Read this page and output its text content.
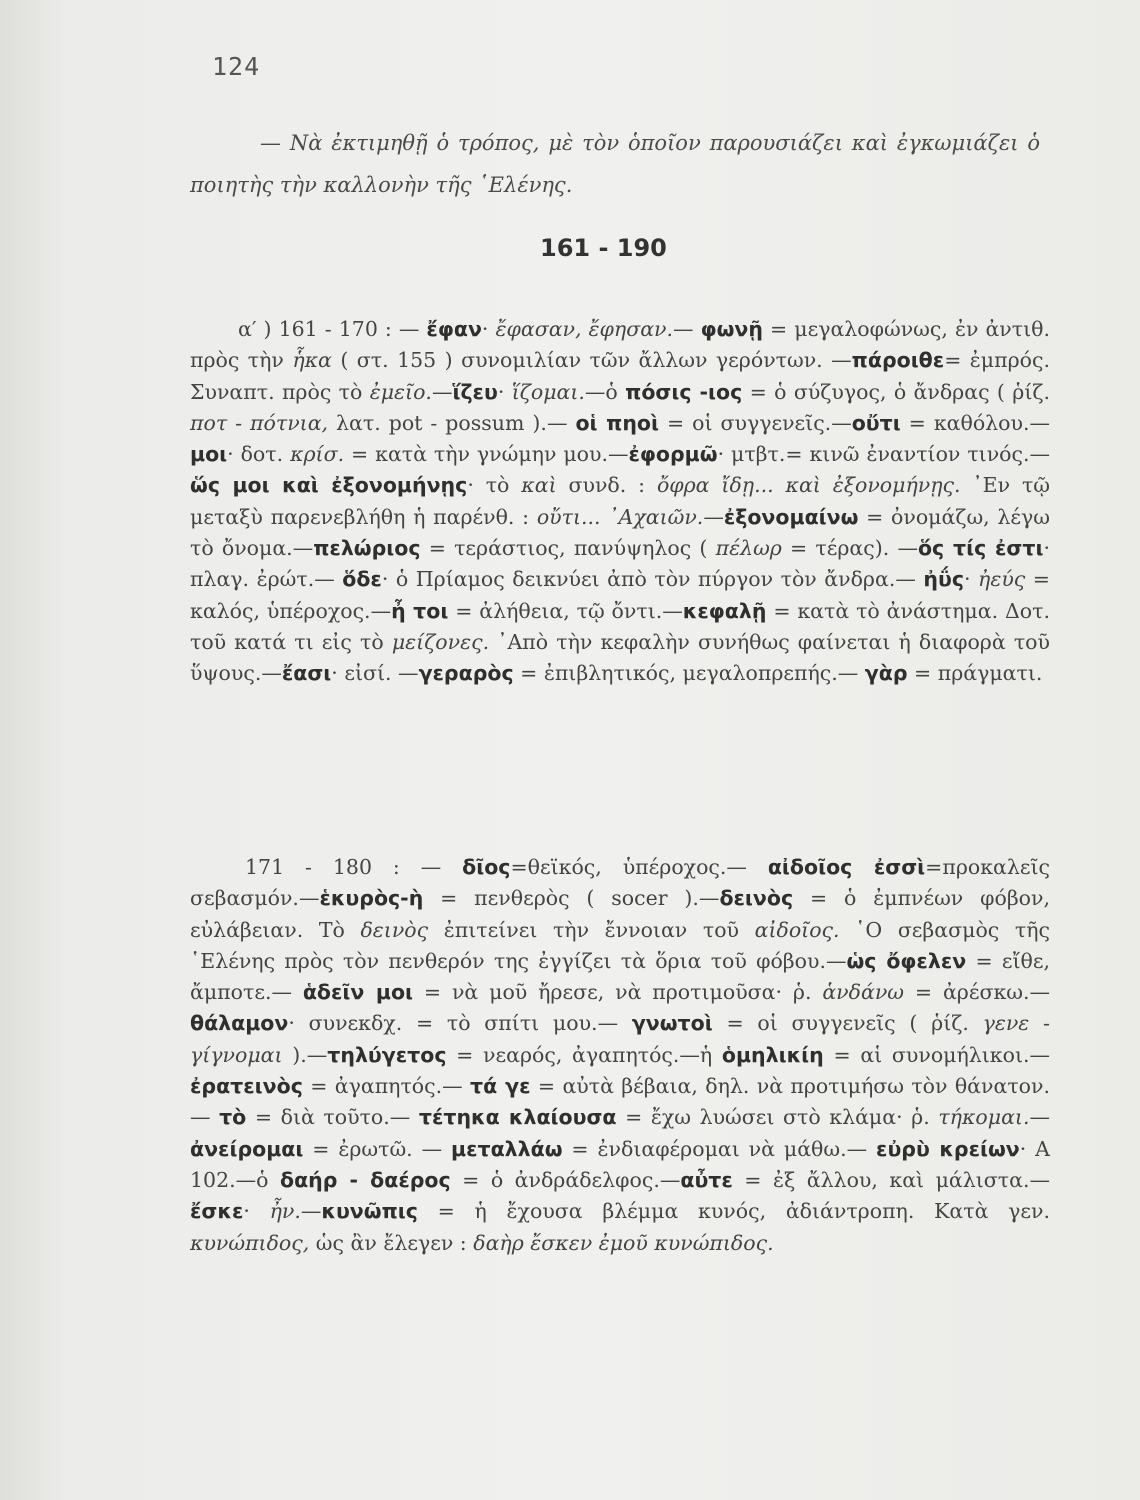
124
— Νὰ ἐκτιμηθῇ ὁ τρόπος, μὲ τὸν ὁποῖον παρουσιάζει καὶ ἐγκωμιάζει ὁ ποιητὴς τὴν καλλονὴν τῆς ῾Ελένης.
161 - 190
α′ ) 161 - 170 : — ἔφαν· ἔφασαν, ἔφησαν.— φωνῇ = μεγαλοφώνως, ἐν ἀντιθ. πρὸς τὴν ἧκα ( στ. 155 ) συνομιλίαν τῶν ἄλλων γερόντων. —πάροιθε= ἐμπρός. Συναπτ. πρὸς τὸ ἐμεῖο.—ἵζευ· ἵζομαι.—ὁ πόσις -ιος = ὁ σύζυγος, ὁ ἄνδρας ( ῥίζ. ποτ - πότνια, λατ. pot - possum ).— οἱ πηοὶ = οἱ συγγενεῖς.—οὔτι = καθόλου.—μοι· δοτ. κρίσ. = κατὰ τὴν γνώμην μου.—ἐφορμῶ· μτβτ.= κινῶ ἐναντίον τινός.—ὥς μοι καὶ ἐξονομήνῃς· τὸ καὶ συνδ. : ὄφρα ἴδῃ... καὶ ἐξονομήνῃς. ᾿Εν τῷ μεταξὺ παρενεβλήθη ἡ παρένθ. : οὔτι... ᾿Αχαιῶν.—ἐξονομαίνω = ὀνομάζω, λέγω τὸ ὄνομα.—πελώριος = τεράστιος, πανύψηλος ( πέλωρ = τέρας). —ὅς τίς ἐστι· πλαγ. ἐρώτ.— ὅδε· ὁ Πρίαμος δεικνύει ἀπὸ τὸν πύργον τὸν ἄνδρα.— ἠΰς· ἠεύς = καλός, ὑπέροχος.—ἦ τοι = ἀλήθεια, τῷ ὄντι.—κεφαλῇ = κατὰ τὸ ἀνάστημα. Δοτ. τοῦ κατά τι εἰς τὸ μείζονες. ᾿Απὸ τὴν κεφαλὴν συνήθως φαίνεται ἡ διαφορὰ τοῦ ὕψους.—ἔασι· εἰσί. —γεραρὸς = ἐπιβλητικός, μεγαλοπρεπής.— γὰρ = πράγματι.
171 - 180 : — δῖος=θεϊκός, ὑπέροχος.— αἰδοῖος ἐσσὶ=προκαλεῖς σεβασμόν.—ἑκυρὸς-ὴ = πενθερὸς ( socer ).—δεινὸς = ὁ ἐμπνέων φόβον, εὐλάβειαν. Τὸ δεινὸς ἐπιτείνει τὴν ἔννοιαν τοῦ αἰδοῖος. ῾Ο σεβασμὸς τῆς ῾Ελένης πρὸς τὸν πενθερόν της ἐγγίζει τὰ ὅρια τοῦ φόβου.—ὡς ὄφελεν = εἴθε, ἄμποτε.— ἁδεῖν μοι = νὰ μοῦ ἤρεσε, νὰ προτιμοῦσα· ῥ. ἁνδάνω = ἀρέσκω.— θάλαμον· συνεκδχ. = τὸ σπίτι μου.— γνωτοὶ = οἱ συγγενεῖς ( ῥίζ. γενε - γίγνομαι ).—τηλύγετος = νεαρός, ἀγαπητός.—ἡ ὁμηλικίη = αἱ συνομήλικοι.—ἐρατεινὸς = ἀγαπητός.— τά γε = αὐτὰ βέβαια, δηλ. νὰ προτιμήσω τὸν θάνατον.— τὸ = διὰ τοῦτο.— τέτηκα κλαίουσα = ἔχω λυώσει στὸ κλάμα· ῥ. τήκομαι.— ἀνείρομαι = ἐρωτῶ. — μεταλλάω = ἐνδιαφέρομαι νὰ μάθω.— εὐρὺ κρείων· Α 102.—ὁ δαήρ - δαέρος = ὁ ἀνδράδελφος.—αὖτε = ἐξ ἄλλου, καὶ μάλιστα.— ἔσκε· ἦν.—κυνῶπις = ἡ ἔχουσα βλέμμα κυνός, ἀδιάντροπη. Κατὰ γεν. κυνώπιδος, ὡς ἂν ἔλεγεν : δαὴρ ἔσκεν ἐμοῦ κυνώπιδος.
